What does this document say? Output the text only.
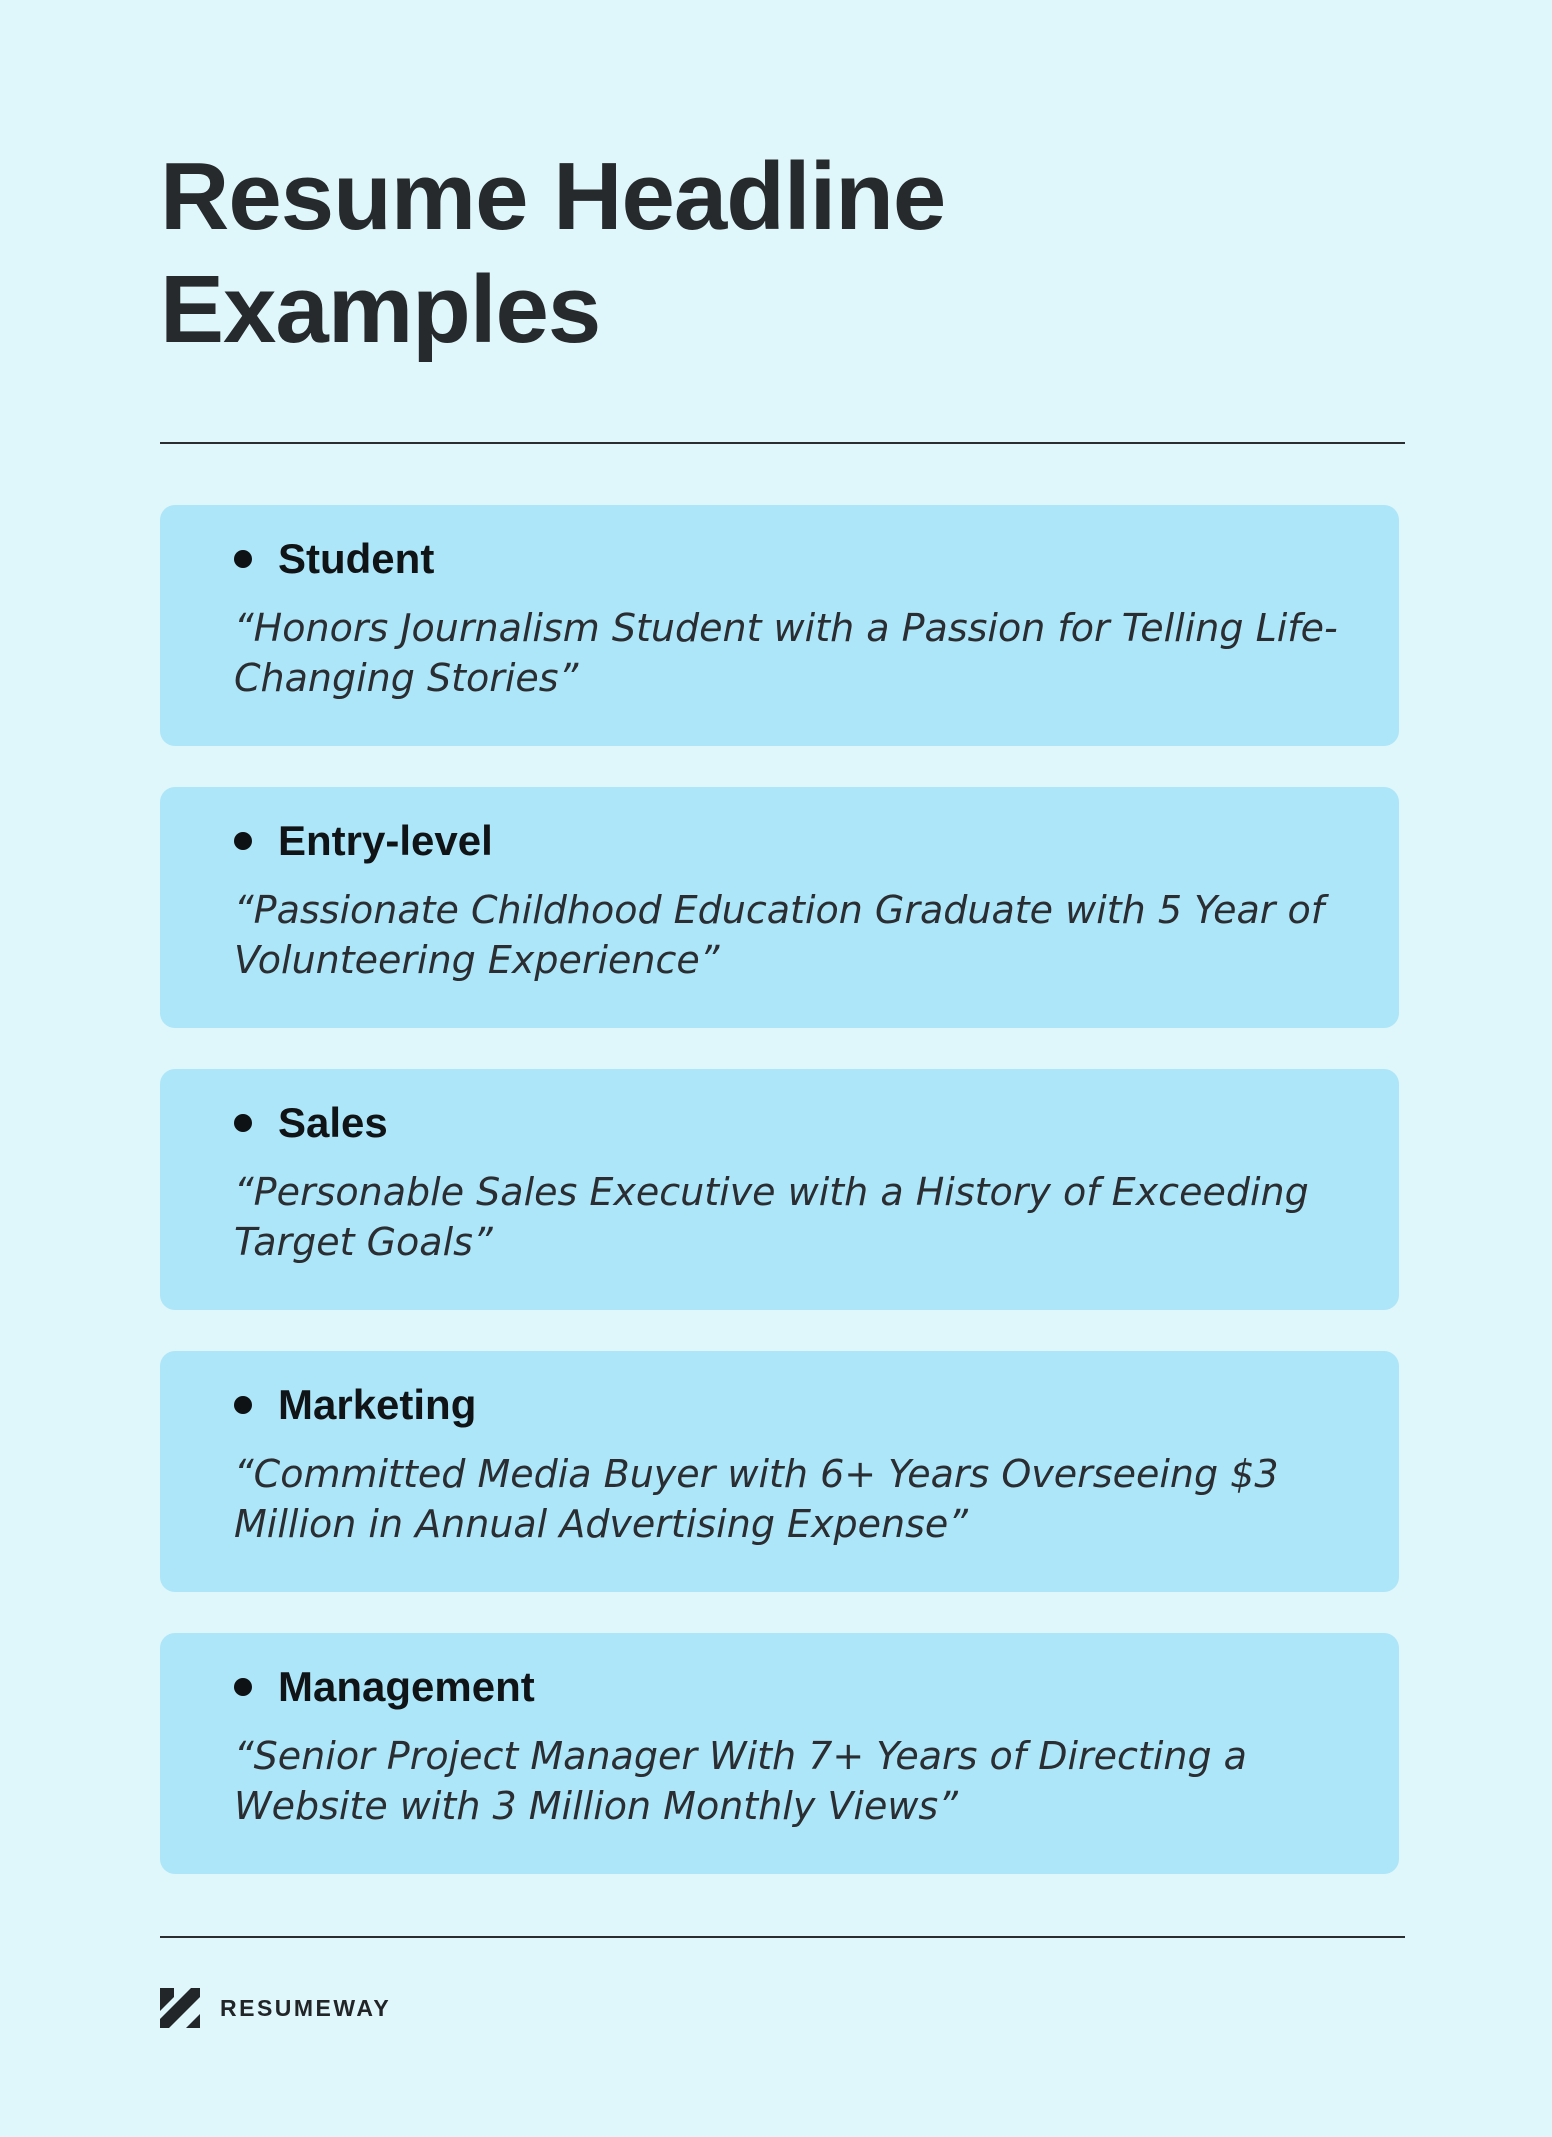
Resume Headline
Examples
Student

“Honors Journalism Student with a Passion for Telling Life-Changing Stories”

Entry-level

“Passionate Childhood Education Graduate with 5 Year of Volunteering Experience”

Sales

“Personable Sales Executive with a History of Exceeding Target Goals”

Marketing

“Committed Media Buyer with 6+ Years Overseeing $3 Million in Annual Advertising Expense”

Management

“Senior Project Manager With 7+ Years of Directing a Website with 3 Million Monthly Views”

RESUMEWAY
